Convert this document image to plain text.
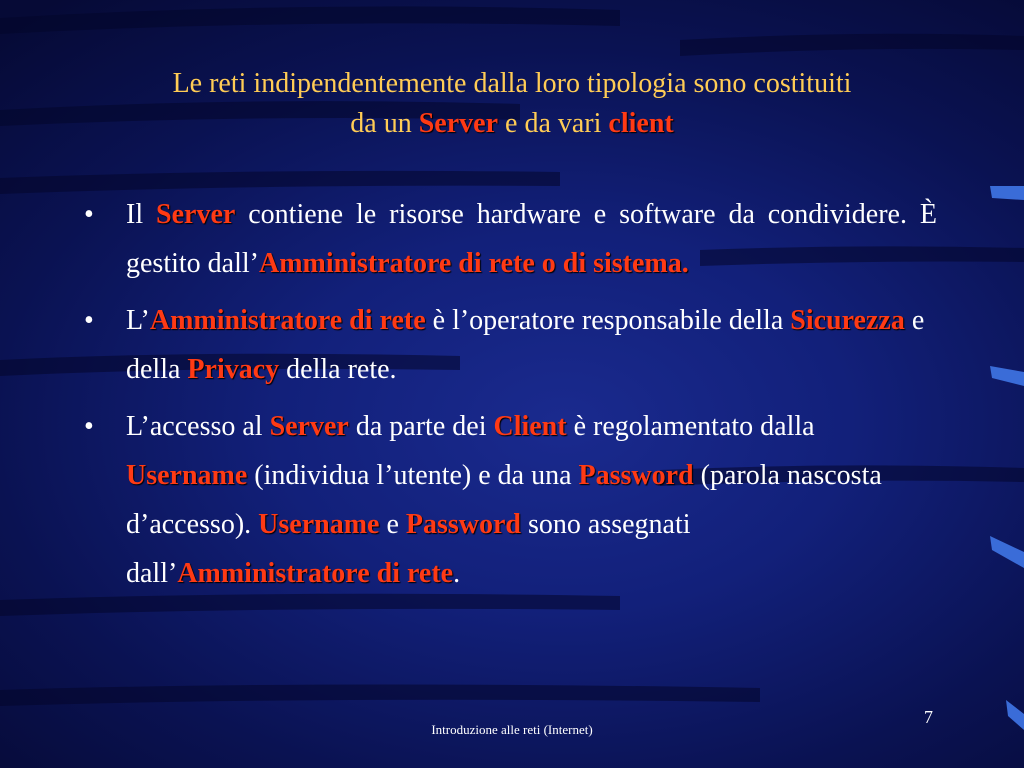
Le reti indipendentemente dalla loro tipologia sono costituiti
da un Server e da vari client
• Il Server contiene le risorse hardware e software da condividere. È gestito dall’Amministratore di rete o di sistema.
• L’Amministratore di rete è l’operatore responsabile della Sicurezza e della Privacy della rete.
• L’accesso al Server da parte dei Client è regolamentato dalla Username (individua l’utente) e da una Password (parola nascosta d’accesso). Username e Password sono assegnati dall’Amministratore di rete.
7
Introduzione alle reti (Internet)
